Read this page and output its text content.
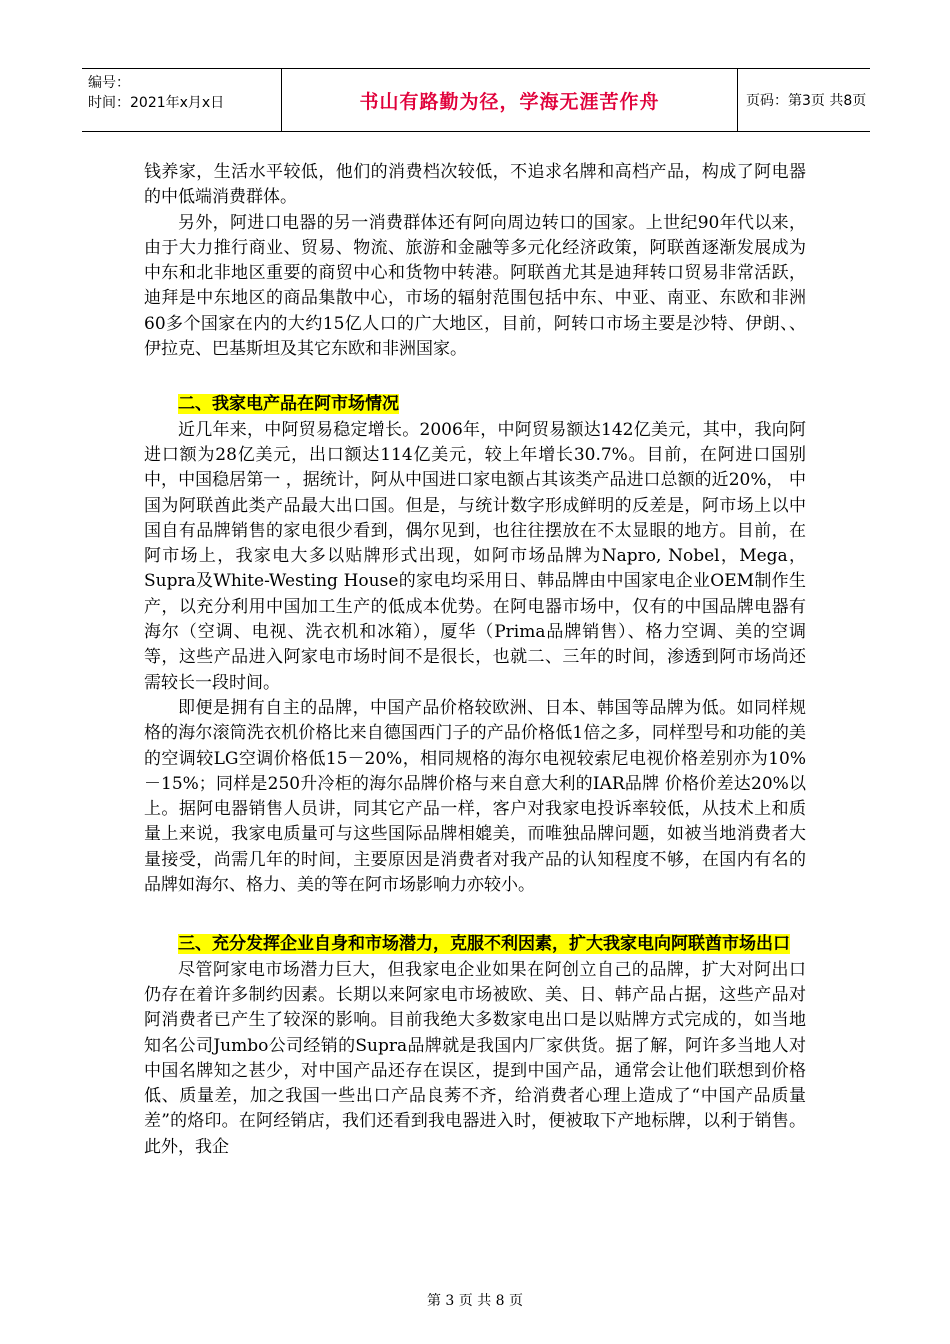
编号：
时间：2021年x月x日	书山有路勤为径，学海无涯苦作舟	页码：第3页 共8页

钱养家，生活水平较低，他们的消费档次较低，不追求名牌和高档产品，构成了阿电器的中低端消费群体。

另外，阿进口电器的另一消费群体还有阿向周边转口的国家。上世纪90年代以来，由于大力推行商业、贸易、物流、旅游和金融等多元化经济政策，阿联酋逐渐发展成为中东和北非地区重要的商贸中心和货物中转港。阿联酋尤其是迪拜转口贸易非常活跃，迪拜是中东地区的商品集散中心，市场的辐射范围包括中东、中亚、南亚、东欧和非洲60多个国家在内的大约15亿人口的广大地区，目前，阿转口市场主要是沙特、伊朗、、伊拉克、巴基斯坦及其它东欧和非洲国家。

二、我家电产品在阿市场情况

近几年来，中阿贸易稳定增长。2006年，中阿贸易额达142亿美元，其中，我向阿进口额为28亿美元，出口额达114亿美元，较上年增长30.7%。目前，在阿进口国别中，中国稳居第一 ，据统计，阿从中国进口家电额占其该类产品进口总额的近20%， 中国为阿联酋此类产品最大出口国。但是，与统计数字形成鲜明的反差是，阿市场上以中国自有品牌销售的家电很少看到，偶尔见到，也往往摆放在不太显眼的地方。目前，在阿市场上，我家电大多以贴牌形式出现，如阿市场品牌为Napro, Nobel，Mega，Supra及White-Westing House的家电均采用日、韩品牌由中国家电企业OEM制作生产，以充分利用中国加工生产的低成本优势。在阿电器市场中，仅有的中国品牌电器有海尔（空调、电视、洗衣机和冰箱），厦华（Prima品牌销售）、格力空调、美的空调等，这些产品进入阿家电市场时间不是很长，也就二、三年的时间，渗透到阿市场尚还需较长一段时间。

即便是拥有自主的品牌，中国产品价格较欧洲、日本、韩国等品牌为低。如同样规格的海尔滚筒洗衣机价格比来自德国西门子的产品价格低1倍之多，同样型号和功能的美的空调较LG空调价格低15－20%，相同规格的海尔电视较索尼电视价格差别亦为10%－15%；同样是250升冷柜的海尔品牌价格与来自意大利的IAR品牌 价格价差达20%以上。据阿电器销售人员讲，同其它产品一样，客户对我家电投诉率较低，从技术上和质量上来说，我家电质量可与这些国际品牌相媲美，而唯独品牌问题，如被当地消费者大量接受，尚需几年的时间，主要原因是消费者对我产品的认知程度不够，在国内有名的品牌如海尔、格力、美的等在阿市场影响力亦较小。

三、充分发挥企业自身和市场潜力，克服不利因素，扩大我家电向阿联酋市场出口

尽管阿家电市场潜力巨大，但我家电企业如果在阿创立自己的品牌，扩大对阿出口仍存在着许多制约因素。长期以来阿家电市场被欧、美、日、韩产品占据，这些产品对阿消费者已产生了较深的影响。目前我绝大多数家电出口是以贴牌方式完成的，如当地知名公司Jumbo公司经销的Supra品牌就是我国内厂家供货。据了解，阿许多当地人对中国名牌知之甚少，对中国产品还存在误区，提到中国产品，通常会让他们联想到价格低、质量差，加之我国一些出口产品良莠不齐，给消费者心理上造成了“中国产品质量差”的烙印。在阿经销店，我们还看到我电器进入时，便被取下产地标牌，以利于销售。此外，我企

第 3 页 共 8 页
